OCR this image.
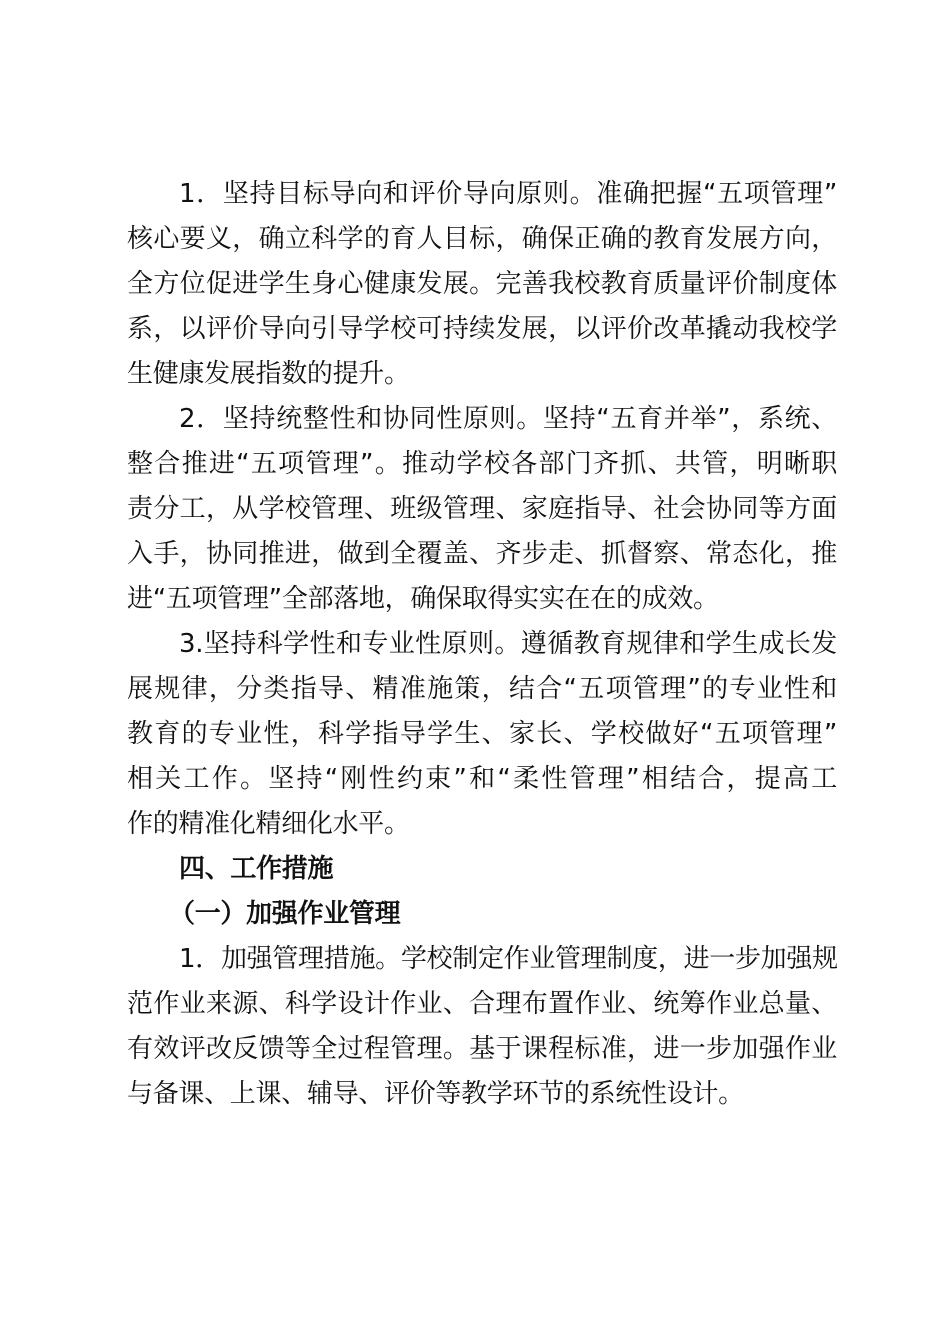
1．坚持目标导向和评价导向原则。准确把握“五项管理”
核心要义，确立科学的育人目标，确保正确的教育发展方向，
全方位促进学生身心健康发展。完善我校教育质量评价制度体
系，以评价导向引导学校可持续发展，以评价改革撬动我校学
生健康发展指数的提升。
2．坚持统整性和协同性原则。坚持“五育并举”，系统、
整合推进“五项管理”。推动学校各部门齐抓、共管，明晰职
责分工，从学校管理、班级管理、家庭指导、社会协同等方面
入手，协同推进，做到全覆盖、齐步走、抓督察、常态化，推
进“五项管理”全部落地，确保取得实实在在的成效。
3.坚持科学性和专业性原则。遵循教育规律和学生成长发
展规律，分类指导、精准施策，结合“五项管理”的专业性和
教育的专业性，科学指导学生、家长、学校做好“五项管理”
相关工作。坚持“刚性约束”和“柔性管理”相结合，提高工
作的精准化精细化水平。
四、工作措施
（一）加强作业管理
1．加强管理措施。学校制定作业管理制度，进一步加强规
范作业来源、科学设计作业、合理布置作业、统筹作业总量、
有效评改反馈等全过程管理。基于课程标准，进一步加强作业
与备课、上课、辅导、评价等教学环节的系统性设计。
